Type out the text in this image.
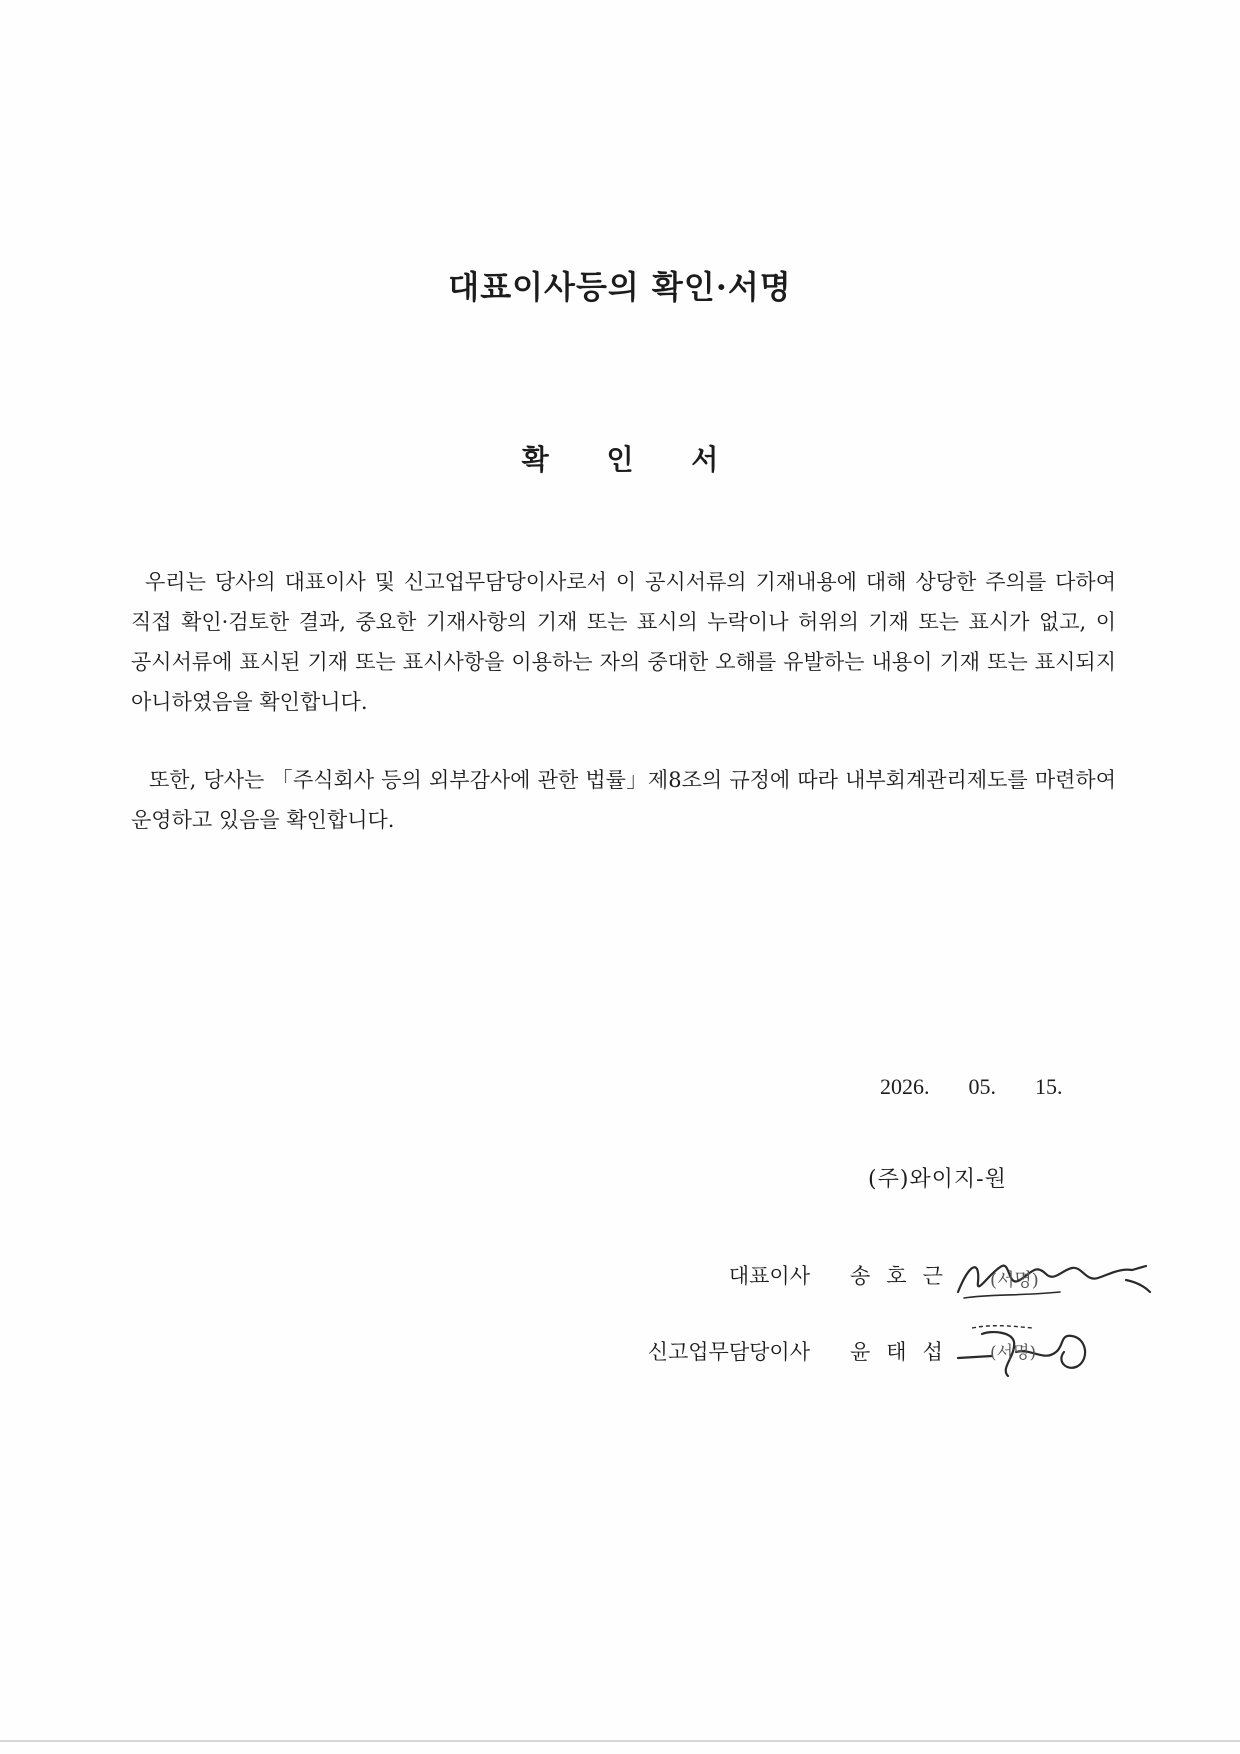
대표이사등의 확인·서명
확 인 서

우리는 당사의 대표이사 및 신고업무담당이사로서 이 공시서류의 기재내용에 대해 상당한 주의를 다하여 직접 확인·검토한 결과, 중요한 기재사항의 기재 또는 표시의 누락이나 허위의 기재 또는 표시가 없고, 이 공시서류에 표시된 기재 또는 표시사항을 이용하는 자의 중대한 오해를 유발하는 내용이 기재 또는 표시되지 아니하였음을 확인합니다.

또한, 당사는 「주식회사 등의 외부감사에 관한 법률」제8조의 규정에 따라 내부회계관리제도를 마련하여 운영하고 있음을 확인합니다.

2026.  05.  15.
(주)와이지-원
대표이사 송호근 (서명)
신고업무담당이사 윤태섭 (서명)
